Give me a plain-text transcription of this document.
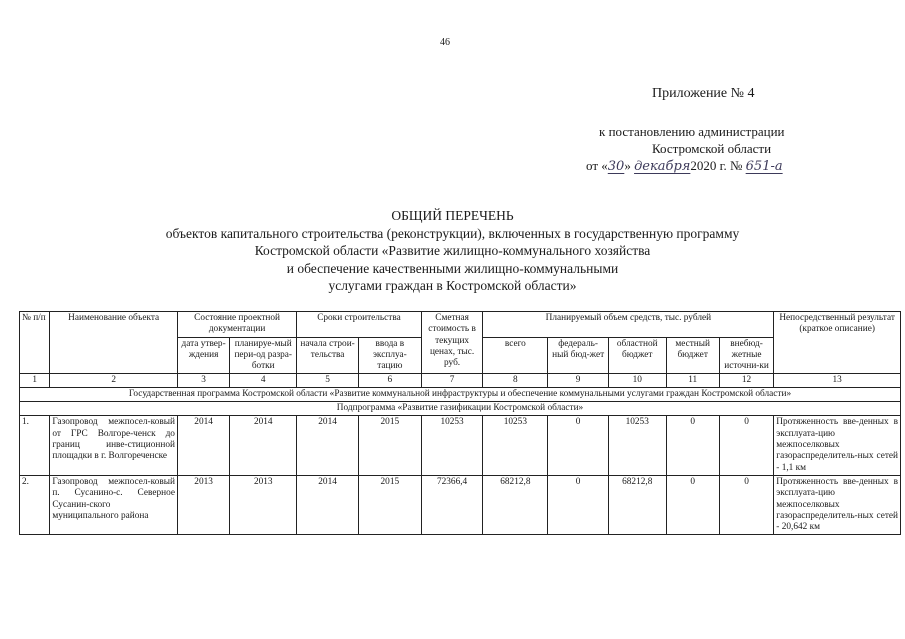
46
Приложение № 4
к постановлению администрации
Костромской области
от «30» декабря2020 г. № 651-а
ОБЩИЙ ПЕРЕЧЕНЬ
объектов капитального строительства (реконструкции), включенных в государственную программу
Костромской области «Развитие жилищно-коммунального хозяйства
и обеспечение качественными жилищно-коммунальными
услугами граждан в Костромской области»
№ п/п	Наименование объекта	Состояние проектной документации		Сроки строительства		Сметная стоимость в текущих ценах, тыс. руб.	Планируемый объем средств, тыс. рублей					Непосредственный результат (краткое описание)
		дата утвер-ждения	планируе-мый пери-од разра-ботки	начала строи-тельства	ввода в эксплуа-тацию		всего	федераль-ный бюд-жет	областной бюджет	местный бюджет	внебюд-жетные источни-ки	
1	2	3	4	5	6	7	8	9	10	11	12	13
Государственная программа Костромской области «Развитие коммунальной инфраструктуры и обеспечение коммунальными услугами граждан Костромской области»												
Подпрограмма «Развитие газификации Костромской области»												
1.	Газопровод межпосел-ковый от ГРС Волгоре-ченск до границ инве-стиционной площадки в г. Волгореченске	2014	2014	2014	2015	10253	10253	0	10253	0	0	Протяженность вве-денных в эксплуата-цию межпоселковых газораспределитель-ных сетей - 1,1 км
2.	Газопровод межпосел-ковый п. Сусанино-с. Северное Сусанин-ского муниципального района	2013	2013	2014	2015	72366,4	68212,8	0	68212,8	0	0	Протяженность вве-денных в эксплуата-цию межпоселковых газораспределитель-ных сетей - 20,642 км
